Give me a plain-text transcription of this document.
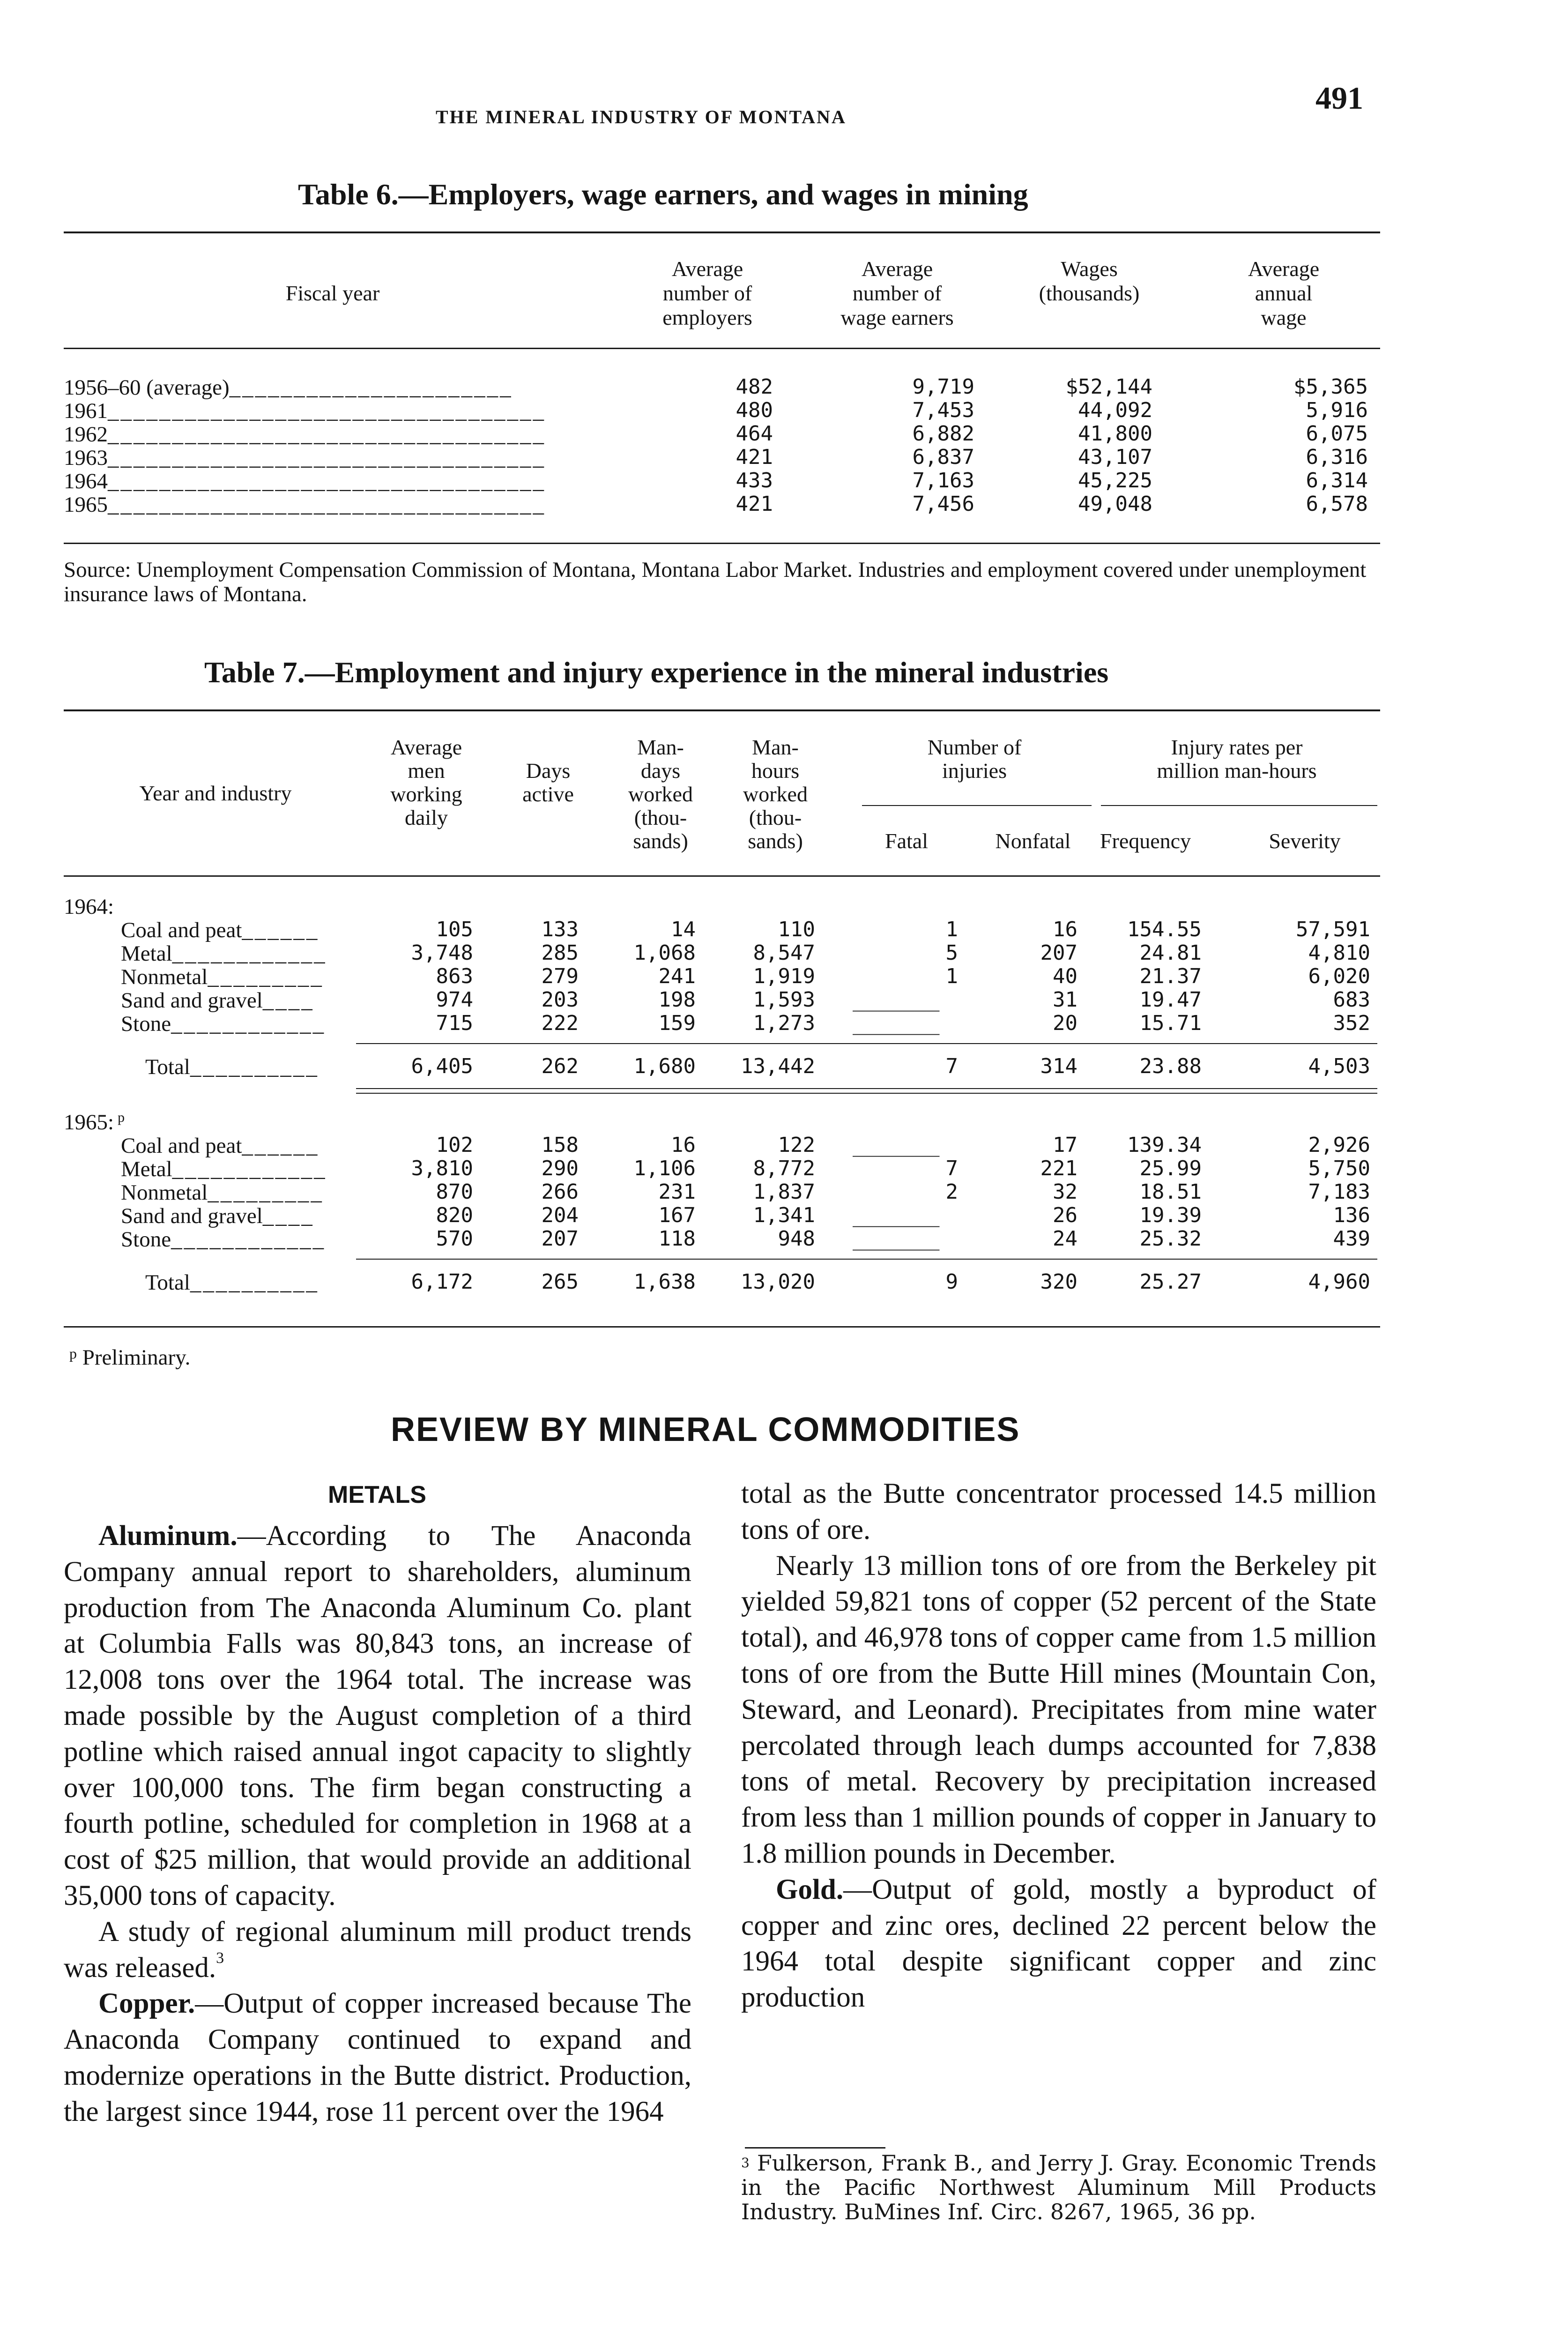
THE MINERAL INDUSTRY OF MONTANA
491
Table 6.—Employers, wage earners, and wages in mining
Fiscal year
Average
number of
employers
Average
number of
wage earners
Wages
(thousands)
Average
annual
wage
1956–60 (average)______________________	482	9,719	$52,144	$5,365
1961__________________________________	480	7,453	44,092	5,916
1962__________________________________	464	6,882	41,800	6,075
1963__________________________________	421	6,837	43,107	6,316
1964__________________________________	433	7,163	45,225	6,314
1965__________________________________	421	7,456	49,048	6,578
Source: Unemployment Compensation Commission of Montana, Montana Labor Market. Industries and employment covered under unemployment insurance laws of Montana.
Table 7.—Employment and injury experience in the mineral industries
Year and industry
Average
men
working
daily
Days
active
Man-
days
worked
(thou-
sands)
Man-
hours
worked
(thou-
sands)
Number of
injuries
Injury rates per
million man-hours
Fatal	Nonfatal	Frequency	Severity
1964:
Coal and peat______	105	133	14	110	1	16 154.55	57,591
Metal____________	3,748	285	1,068	8,547	5	207	24.81	4,810
Nonmetal_________	863	279	241	1,919	1	40	21.37	6,020
Sand and gravel____	974	203	198	1,593 _______	31	19.47	683
Stone____________	715	222	159	1,273 _______	20	15.71	352
Total__________	6,405	262	1,680 13,442	7	314	23.88	4,503
1965: $^p$
Coal and peat______	102	158	16	122 _______	17 139.34	2,926
Metal____________	3,810	290	1,106	8,772	7	221	25.99	5,750
Nonmetal_________	870	266	231	1,837	2	32	18.51	7,183
Sand and gravel____	820	204	167	1,341 _______	26	19.39	136
Stone____________	570	207	118	948 _______	24	25.32	439
Total__________	6,172	265	1,638 13,020	9	320	25.27	4,960
$^p$ Preliminary.
REVIEW BY MINERAL COMMODITIES
METALS

Aluminum.—According to The Anaconda Company annual report to shareholders, aluminum production from The Anaconda Aluminum Co. plant at Columbia Falls was 80,843 tons, an increase of 12,008 tons over the 1964 total. The increase was made possible by the August completion of a third potline which raised annual ingot capacity to slightly over 100,000 tons. The firm began constructing a fourth potline, scheduled for completion in 1968 at a cost of $25 million, that would provide an additional 35,000 tons of capacity.

A study of regional aluminum mill product trends was released.$^3$

Copper.—Output of copper increased because The Anaconda Company continued to expand and modernize operations in the Butte district. Production, the largest since 1944, rose 11 percent over the 1964

total as the Butte concentrator processed 14.5 million tons of ore.

Nearly 13 million tons of ore from the Berkeley pit yielded 59,821 tons of copper (52 percent of the State total), and 46,978 tons of copper came from 1.5 million tons of ore from the Butte Hill mines (Mountain Con, Steward, and Leonard). Precipitates from mine water percolated through leach dumps accounted for 7,838 tons of metal. Recovery by precipitation increased from less than 1 million pounds of copper in January to 1.8 million pounds in December.

Gold.—Output of gold, mostly a byproduct of copper and zinc ores, declined 22 percent below the 1964 total despite significant copper and zinc production

$^3$ Fulkerson, Frank B., and Jerry J. Gray. Economic Trends in the Pacific Northwest Aluminum Mill Products Industry. BuMines Inf. Circ. 8267, 1965, 36 pp.
